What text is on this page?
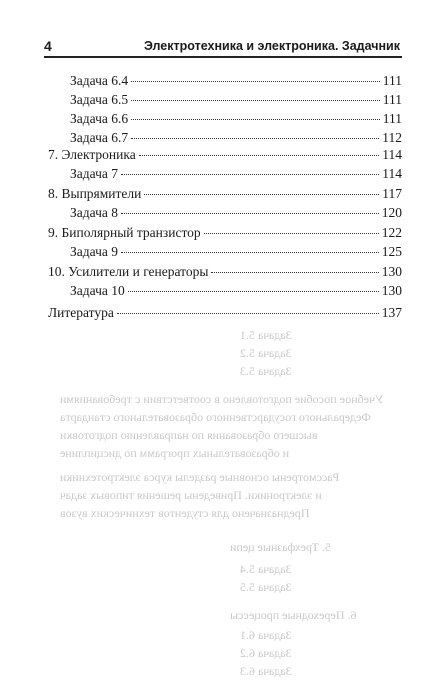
Задача 5.1
Задача 5.2
Задача 5.3
Учебное пособие подготовлено в соответствии с требованиями
Федерального государственного образовательного стандарта
высшего образования по направлению подготовки
и образовательных программ по дисциплине
Рассмотрены основные разделы курса электротехники
и электроники. Приведены решения типовых задач
Предназначено для студентов технических вузов
5. Трехфазные цепи
Задача 5.4
Задача 5.5
6. Переходные процессы
Задача 6.1
Задача 6.2
Задача 6.3
4	Электротехника и электроника. Задачник
Задача 6.4	111
Задача 6.5	111
Задача 6.6	111
Задача 6.7	112
7. Электроника	114
Задача 7	114
8. Выпрямители	117
Задача 8	120
9. Биполярный транзистор	122
Задача 9	125
10. Усилители и генераторы	130
Задача 10	130
Литература	137
